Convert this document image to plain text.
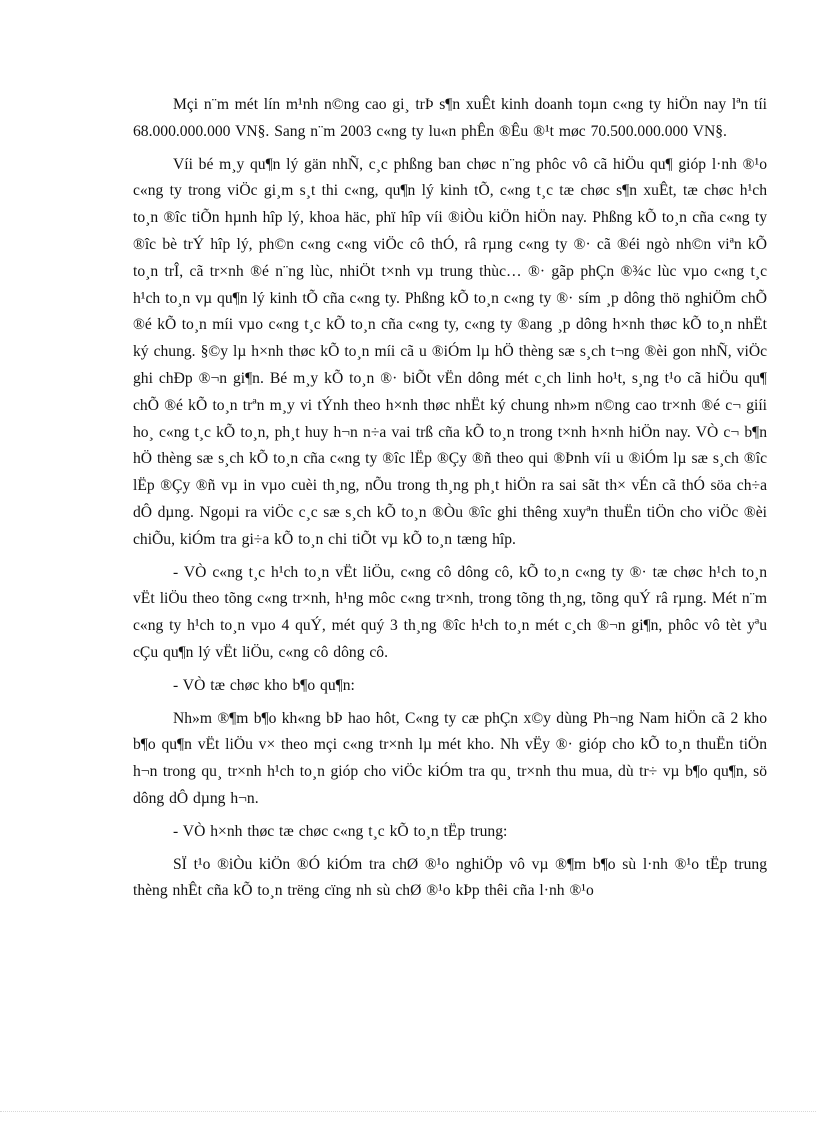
Mçi n¨m mét lín m¹nh n©ng cao gi¸ trÞ s¶n xuÊt kinh doanh toµn c«ng ty hiÖn nay lªn tíi 68.000.000.000 VN§. Sang n¨m 2003 c«ng ty lu«n phÊn ®Êu ®¹t møc 70.500.000.000 VN§.

Víi bé m¸y qu¶n lý gän nhÑ, c¸c phßng ban chøc n¨ng phôc vô cã hiÖu qu¶ gióp l·nh ®¹o c«ng ty trong viÖc gi¸m s¸t thi c«ng, qu¶n lý kinh tÕ, c«ng t¸c tæ chøc s¶n xuÊt, tæ chøc h¹ch to¸n ®îc tiÕn hµnh hîp lý, khoa häc, phï hîp víi ®iÒu kiÖn hiÖn nay. Phßng kÕ to¸n cña c«ng ty ®îc bè trÝ hîp lý, ph©n c«ng c«ng viÖc cô thÓ, râ rµng c«ng ty ®· cã ®éi ngò nh©n viªn kÕ to¸n trÎ, cã tr×nh ®é n¨ng lùc, nhiÖt t×nh vµ trung thùc… ®· gãp phÇn ®¾c lùc vµo c«ng t¸c h¹ch to¸n vµ qu¶n lý kinh tÕ cña c«ng ty. Phßng kÕ to¸n c«ng ty ®· sím ¸p dông thö nghiÖm chÕ ®é kÕ to¸n míi vµo c«ng t¸c kÕ to¸n cña c«ng ty, c«ng ty ®ang ¸p dông h×nh thøc kÕ to¸n nhËt ký chung. §©y lµ h×nh thøc kÕ to¸n míi cã u ®iÓm lµ hÖ thèng sæ s¸ch t¬ng ®èi gon nhÑ, viÖc ghi chÐp ®¬n gi¶n. Bé m¸y kÕ to¸n ®· biÕt vËn dông mét c¸ch linh ho¹t, s¸ng t¹o cã hiÖu qu¶ chÕ ®é kÕ to¸n trªn m¸y vi tÝnh theo h×nh thøc nhËt ký chung nh»m n©ng cao tr×nh ®é c¬ giíi ho¸ c«ng t¸c kÕ to¸n, ph¸t huy h¬n n÷a vai trß cña kÕ to¸n trong t×nh h×nh hiÖn nay. VÒ c¬ b¶n hÖ thèng sæ s¸ch kÕ to¸n cña c«ng ty ®îc lËp ®Çy ®ñ theo qui ®Þnh víi u ®iÓm lµ sæ s¸ch ®îc lËp ®Çy ®ñ vµ in vµo cuèi th¸ng, nÕu trong th¸ng ph¸t hiÖn ra sai sãt th× vÉn cã thÓ söa ch÷a dÔ dµng. Ngoµi ra viÖc c¸c sæ s¸ch kÕ to¸n ®Òu ®îc ghi thêng xuyªn thuËn tiÖn cho viÖc ®èi chiÕu, kiÓm tra gi÷a kÕ to¸n chi tiÕt vµ kÕ to¸n tæng hîp.

- VÒ c«ng t¸c h¹ch to¸n vËt liÖu, c«ng cô dông cô, kÕ to¸n c«ng ty ®· tæ chøc h¹ch to¸n vËt liÖu theo tõng c«ng tr×nh, h¹ng môc c«ng tr×nh, trong tõng th¸ng, tõng quÝ râ rµng. Mét n¨m c«ng ty h¹ch to¸n vµo 4 quÝ, mét quý 3 th¸ng ®îc h¹ch to¸n mét c¸ch ®¬n gi¶n, phôc vô tèt yªu cÇu qu¶n lý vËt liÖu, c«ng cô dông cô.

- VÒ tæ chøc kho b¶o qu¶n:

Nh»m ®¶m b¶o kh«ng bÞ hao hôt, C«ng ty cæ phÇn x©y dùng Ph¬ng Nam hiÖn cã 2 kho b¶o qu¶n vËt liÖu v× theo mçi c«ng tr×nh lµ mét kho. Nh vËy ®· gióp cho kÕ to¸n thuËn tiÖn h¬n trong qu¸ tr×nh h¹ch to¸n gióp cho viÖc kiÓm tra qu¸ tr×nh thu mua, dù tr÷ vµ b¶o qu¶n, sö dông dÔ dµng h¬n.

- VÒ h×nh thøc tæ chøc c«ng t¸c kÕ to¸n tËp trung:

SÏ t¹o ®iÒu kiÖn ®Ó kiÓm tra chØ ®¹o nghiÖp vô vµ ®¶m b¶o sù l·nh ®¹o tËp trung thèng nhÊt cña kÕ to¸n trëng cïng nh sù chØ ®¹o kÞp thêi cña l·nh ®¹o
